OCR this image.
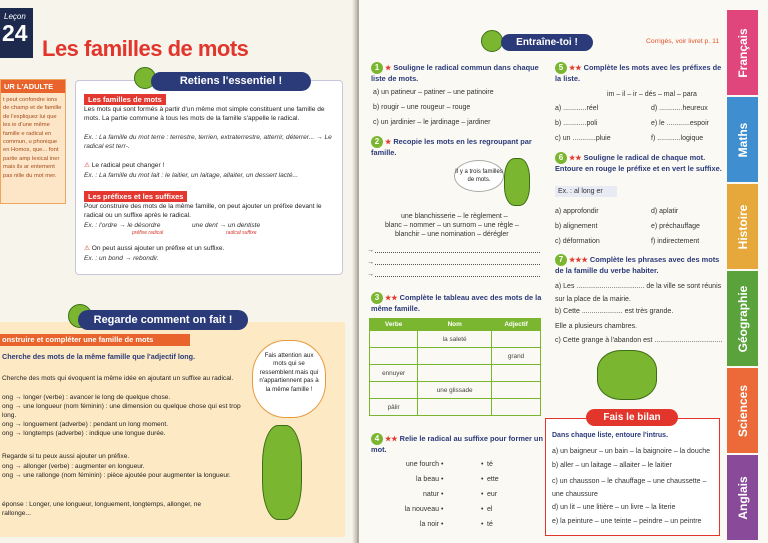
Leçon
24
Les familles de mots
UR L'ADULTE
t peut confondre ions de champ et de famille de l'expliquez lui que les ie d'une même famille e radical en commun, u phonique en Homos, que... font partie amp lexical iner mais ils ar entement pas nille du mot mer.
Retiens l'essentiel !
Les familles de mots
Les mots qui sont formés à partir d'un même mot simple constituent une famille de mots. La partie commune à tous les mots de la famille s'appelle le radical.
Ex. : La famille du mot terre : terrestre, terrien, extraterrestre, atterrir, déterrer... → Le radical est terr-.
⚠ Le radical peut changer !
Ex. : La famille du mot lait : le laitier, un laitage, allaiter, un dessert lacté...
Les préfixes et les suffixes
Pour construire des mots de la même famille, on peut ajouter un préfixe devant le radical ou un suffixe après le radical.
Ex. : l'ordre → le désordre	une dent → un dentiste
préfixe radical	radical suffixe
⚠ On peut aussi ajouter un préfixe et un suffixe.
Ex. : un bond → rebondir.
Regarde comment on fait !
onstruire et compléter une famille de mots
Cherche des mots de la même famille que l'adjectif long.
Cherche des mots qui évoquent la même idée en ajoutant un suffixe au radical.
ong → longer (verbe) : avancer le long de quelque chose.
ong → une longueur (nom féminin) : une dimension ou quelque chose qui est trop long.
ong → longuement (adverbe) : pendant un long moment.
ong → longtemps (adverbe) : indique une longue durée.
Regarde si tu peux aussi ajouter un préfixe.
ong → allonger (verbe) : augmenter en longueur.
ong → une rallonge (nom féminin) : pièce ajoutée pour augmenter la longueur.
éponse : Longer, une longueur, longuement, longtemps, allonger, ne rallonge...
Fais attention aux mots qui se ressemblent mais qui n'appartiennent pas à la même famille !
Entraîne-toi !	Corrigés, voir livret p. 11
1 ★ Souligne le radical commun dans chaque liste de mots.
a) un patineur – patiner – une patinoire
b) rougir – une rougeur – rouge
c) un jardinier – le jardinage – jardiner
2 ★ Recopie les mots en les regroupant par famille.
Il y a trois familles de mots.
une blanchisserie – le règlement –
blanc – nommer – un surnom – une règle –
blanchir – une nomination – dérégler
→
→
→
3 ★★ Complète le tableau avec des mots de la même famille.
Verbe	Nom	Adjectif
	la saleté	
		grand
ennuyer		
	une glissade	
pâlir		
4 ★★ Relie le radical au suffixe pour former un mot.
une fourch
la beau
natur
la nouveau
la noir
•
•
•
•
•
•
•
•
•
•
té
ette
eur
el
té
5 ★★ Complète les mots avec les préfixes de la liste.
im – il – ir – dés – mal – para
a) ............réel
b) ............poli
c) un ............pluie
d) ............heureux
e) le ............espoir
f) ............logique
6 ★★ Souligne le radical de chaque mot. Entoure en rouge le préfixe et en vert le suffixe.
Ex. : al long er
a) approfondir
b) alignement
c) déformation
d) aplatir
e) préchauffage
f) indirectement
7 ★★★ Complète les phrases avec des mots de la famille du verbe habiter.
a) Les ................................... de la ville se sont réunis sur la place de la mairie.
b) Cette ..................... est très grande.
Elle a plusieurs chambres.
c) Cette grange à l'abandon est ...................................
Fais le bilan
Dans chaque liste, entoure l'intrus.
a) un baigneur – un bain – la baignoire – la douche
b) aller – un laitage – allaiter – le laitier
c) un chausson – le chauffage – une chaussette – une chaussure
d) un lit – une litière – un livre – la literie
e) la peinture – une teinte – peindre – un peintre
Français
Maths
Histoire
Géographie
Sciences
Anglais
